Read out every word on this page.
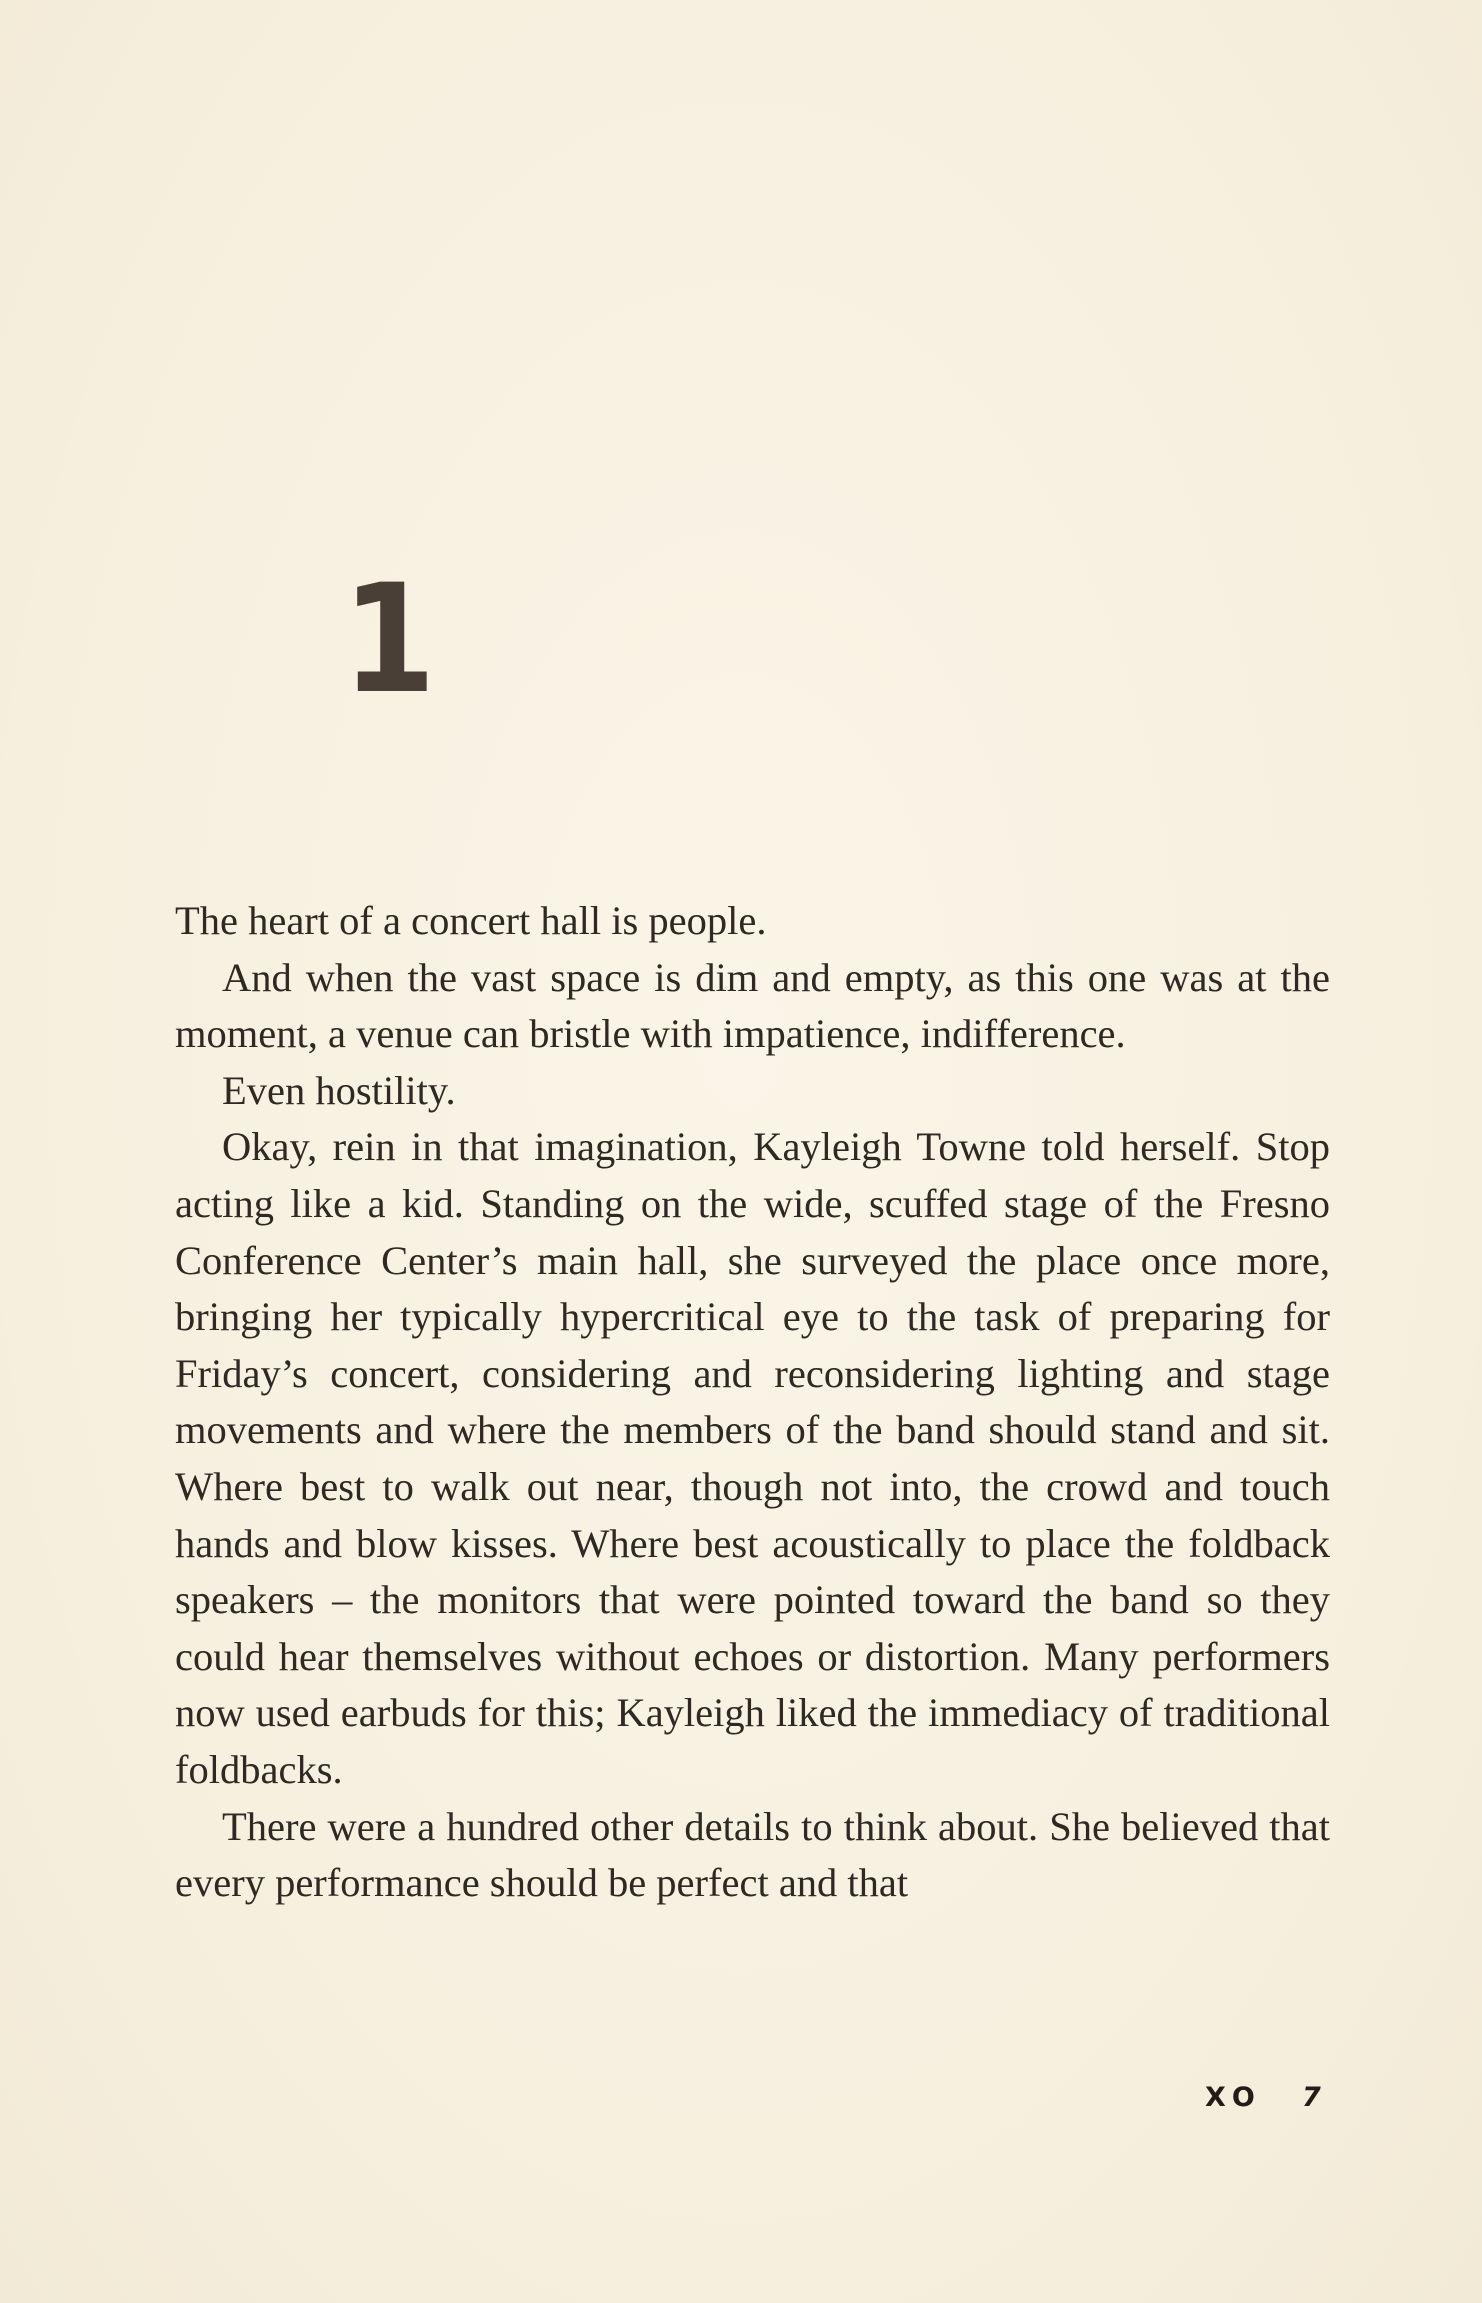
1

The heart of a concert hall is people.

And when the vast space is dim and empty, as this one was at the moment, a venue can bristle with impatience, indifference.

Even hostility.

Okay, rein in that imagination, Kayleigh Towne told herself. Stop acting like a kid. Standing on the wide, scuffed stage of the Fresno Conference Center’s main hall, she surveyed the place once more, bringing her typically hypercritical eye to the task of preparing for Friday’s concert, considering and reconsidering lighting and stage movements and where the members of the band should stand and sit. Where best to walk out near, though not into, the crowd and touch hands and blow kisses. Where best acoustically to place the foldback speakers – the monitors that were pointed toward the band so they could hear themselves without echoes or distortion. Many performers now used earbuds for this; Kayleigh liked the immediacy of traditional foldbacks.

There were a hundred other details to think about. She believed that every performance should be perfect and that

XO 7
